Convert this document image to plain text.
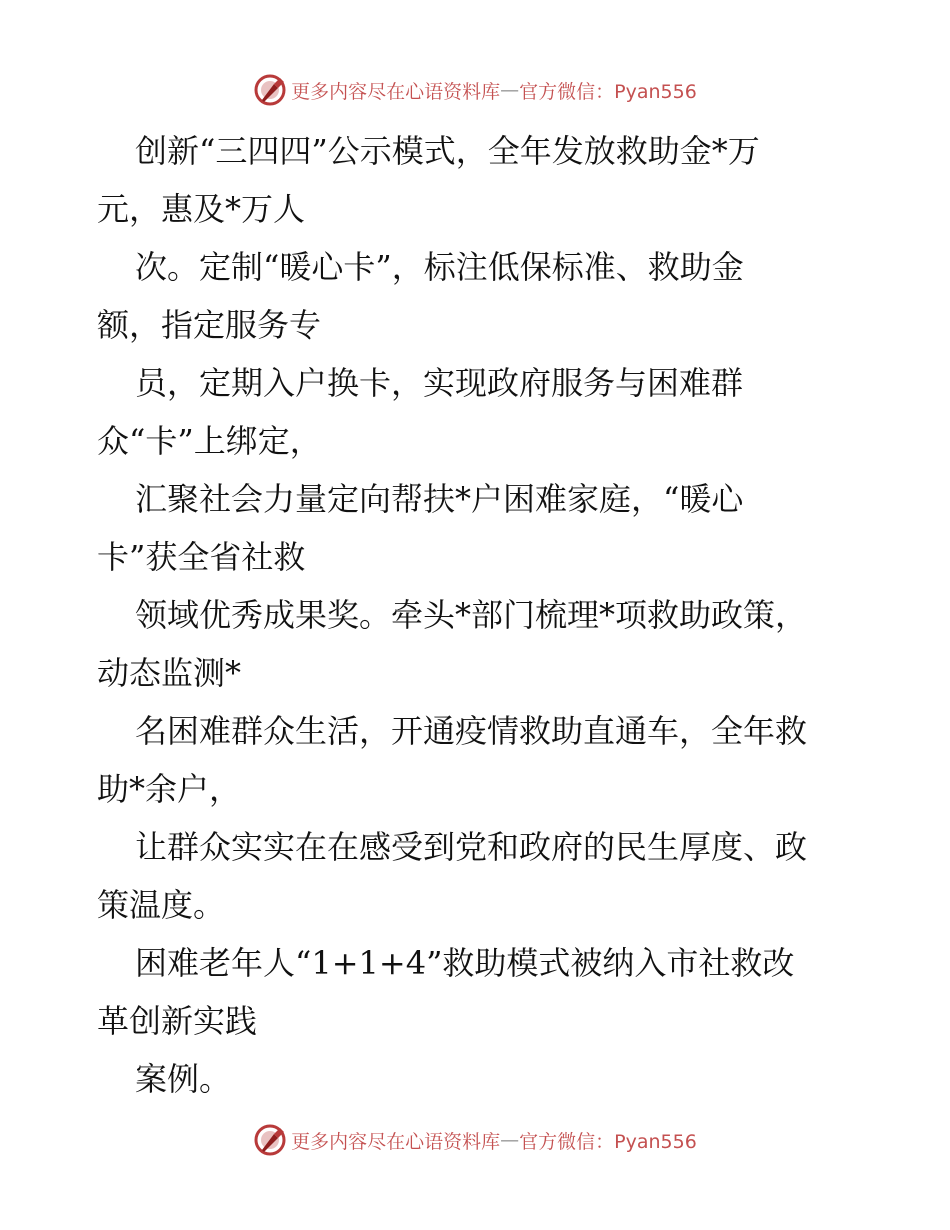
更多内容尽在心语资料库 — 官方微信：Pyan556
创新“三四四”公示模式，全年发放救助金*万
元，惠及*万人
次。定制“暖心卡”，标注低保标准、救助金
额，指定服务专
员，定期入户换卡，实现政府服务与困难群
众“卡”上绑定，
汇聚社会力量定向帮扶*户困难家庭，“暖心
卡”获全省社救
领域优秀成果奖。牵头*部门梳理*项救助政策，
动态监测*
名困难群众生活，开通疫情救助直通车，全年救
助*余户，
让群众实实在在感受到党和政府的民生厚度、政
策温度。
困难老年人“1+1+4”救助模式被纳入市社救改
革创新实践
案例。
更多内容尽在心语资料库 — 官方微信：Pyan556
